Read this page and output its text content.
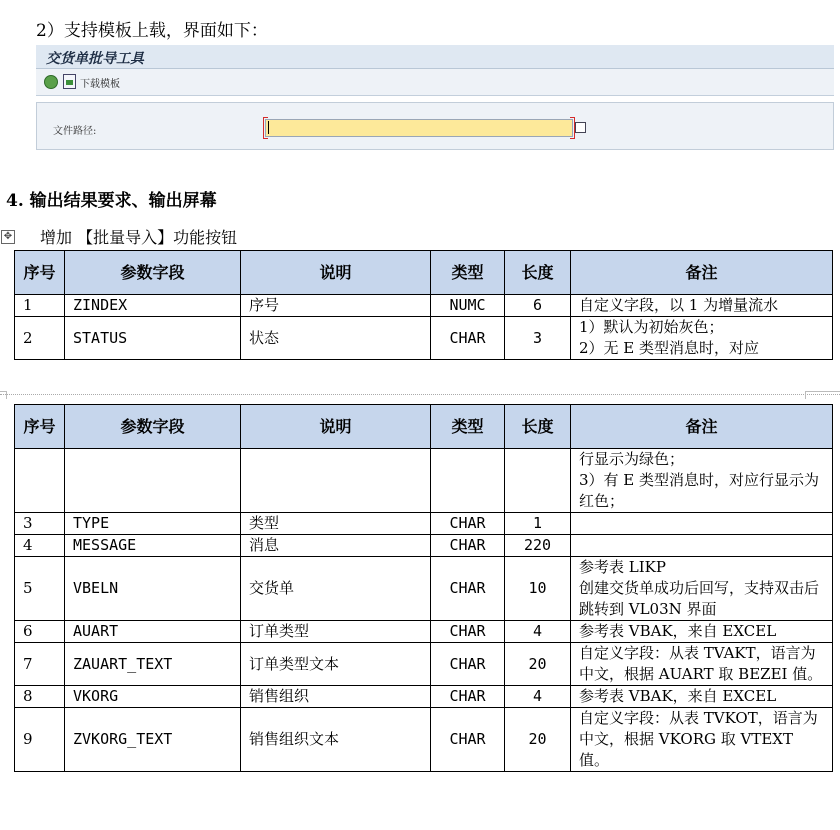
2）支持模板上载，界面如下：
交货单批导工具
下载模板
文件路径:
4. 输出结果要求、输出屏幕
✥ 增加 【批量导入】功能按钮
序号	参数字段	说明	类型	长度	备注
1	ZINDEX	序号	NUMC	6	自定义字段，以 1 为增量流水

2	STATUS	状态	CHAR	3	1）默认为初始灰色；
2）无 E 类型消息时，对应
序号	参数字段	说明	类型	长度	备注

					行显示为绿色；
3）有 E 类型消息时，对应行显示为红色；

3	TYPE	类型	CHAR	1	

4	MESSAGE	消息	CHAR	220	

5	VBELN	交货单	CHAR	10	参考表 LIKP
创建交货单成功后回写，支持双击后跳转到 VL03N 界面

6	AUART	订单类型	CHAR	4	参考表 VBAK，来自 EXCEL

7	ZAUART_TEXT	订单类型文本	CHAR	20	自定义字段：从表 TVAKT，语言为中文，根据 AUART 取 BEZEI 值。

8	VKORG	销售组织	CHAR	4	参考表 VBAK，来自 EXCEL

9	ZVKORG_TEXT	销售组织文本	CHAR	20	自定义字段：从表 TVKOT，语言为中文，根据 VKORG 取 VTEXT 值。
